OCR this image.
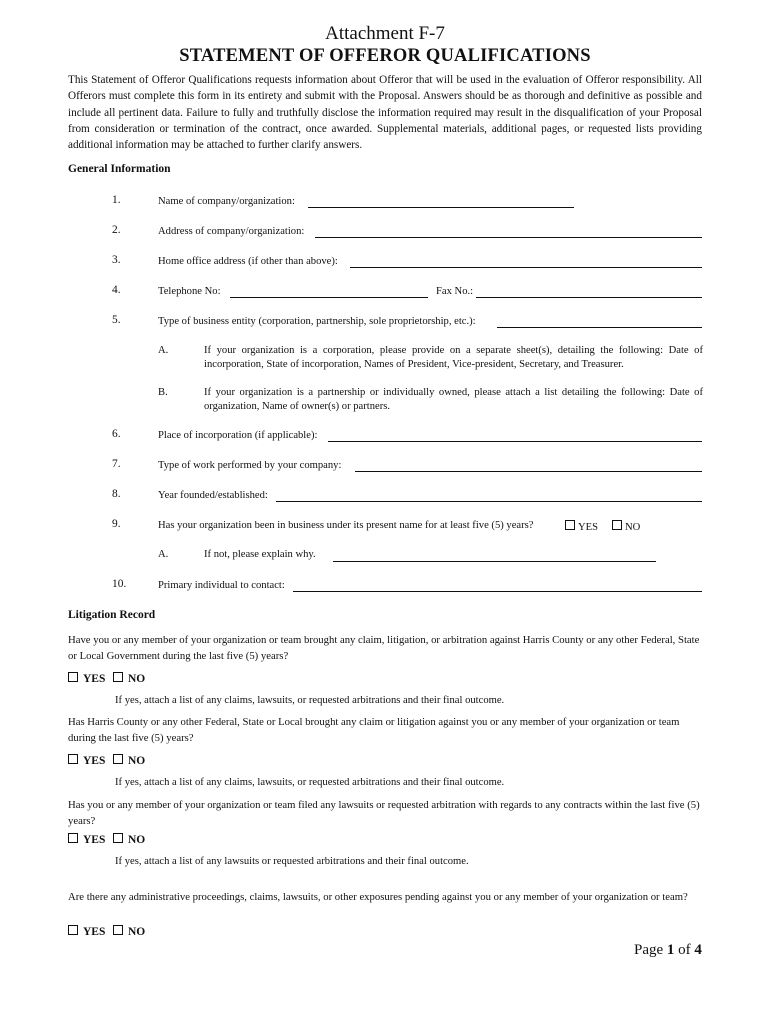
Attachment F-7
STATEMENT OF OFFEROR QUALIFICATIONS
This Statement of Offeror Qualifications requests information about Offeror that will be used in the evaluation of Offeror responsibility. All Offerors must complete this form in its entirety and submit with the Proposal. Answers should be as thorough and definitive as possible and include all pertinent data. Failure to fully and truthfully disclose the information required may result in the disqualification of your Proposal from consideration or termination of the contract, once awarded. Supplemental materials, additional pages, or requested lists providing additional information may be attached to further clarify answers.
General Information
1.	Name of company/organization:
2.	Address of company/organization:
3.	Home office address (if other than above):
4.	Telephone No:	Fax No.:
5.	Type of business entity (corporation, partnership, sole proprietorship, etc.):
A.	If your organization is a corporation, please provide on a separate sheet(s), detailing the following: Date of incorporation, State of incorporation, Names of President, Vice-president, Secretary, and Treasurer.
B.	If your organization is a partnership or individually owned, please attach a list detailing the following: Date of organization, Name of owner(s) or partners.
6.	Place of incorporation (if applicable):
7.	Type of work performed by your company:
8.	Year founded/established:
9.	Has your organization been in business under its present name for at least five (5) years?	YES	NO
A.	If not, please explain why.
10.	Primary individual to contact:
Litigation Record
Have you or any member of your organization or team brought any claim, litigation, or arbitration against Harris County or any other Federal, State or Local Government during the last five (5) years?
YES	NO
If yes, attach a list of any claims, lawsuits, or requested arbitrations and their final outcome.
Has Harris County or any other Federal, State or Local brought any claim or litigation against you or any member of your organization or team during the last five (5) years?
YES	NO
If yes, attach a list of any claims, lawsuits, or requested arbitrations and their final outcome.
Has you or any member of your organization or team filed any lawsuits or requested arbitration with regards to any contracts within the last five (5) years?
YES	NO
If yes, attach a list of any lawsuits or requested arbitrations and their final outcome.
Are there any administrative proceedings, claims, lawsuits, or other exposures pending against you or any member of your organization or team?
YES	NO
Page 1 of 4
